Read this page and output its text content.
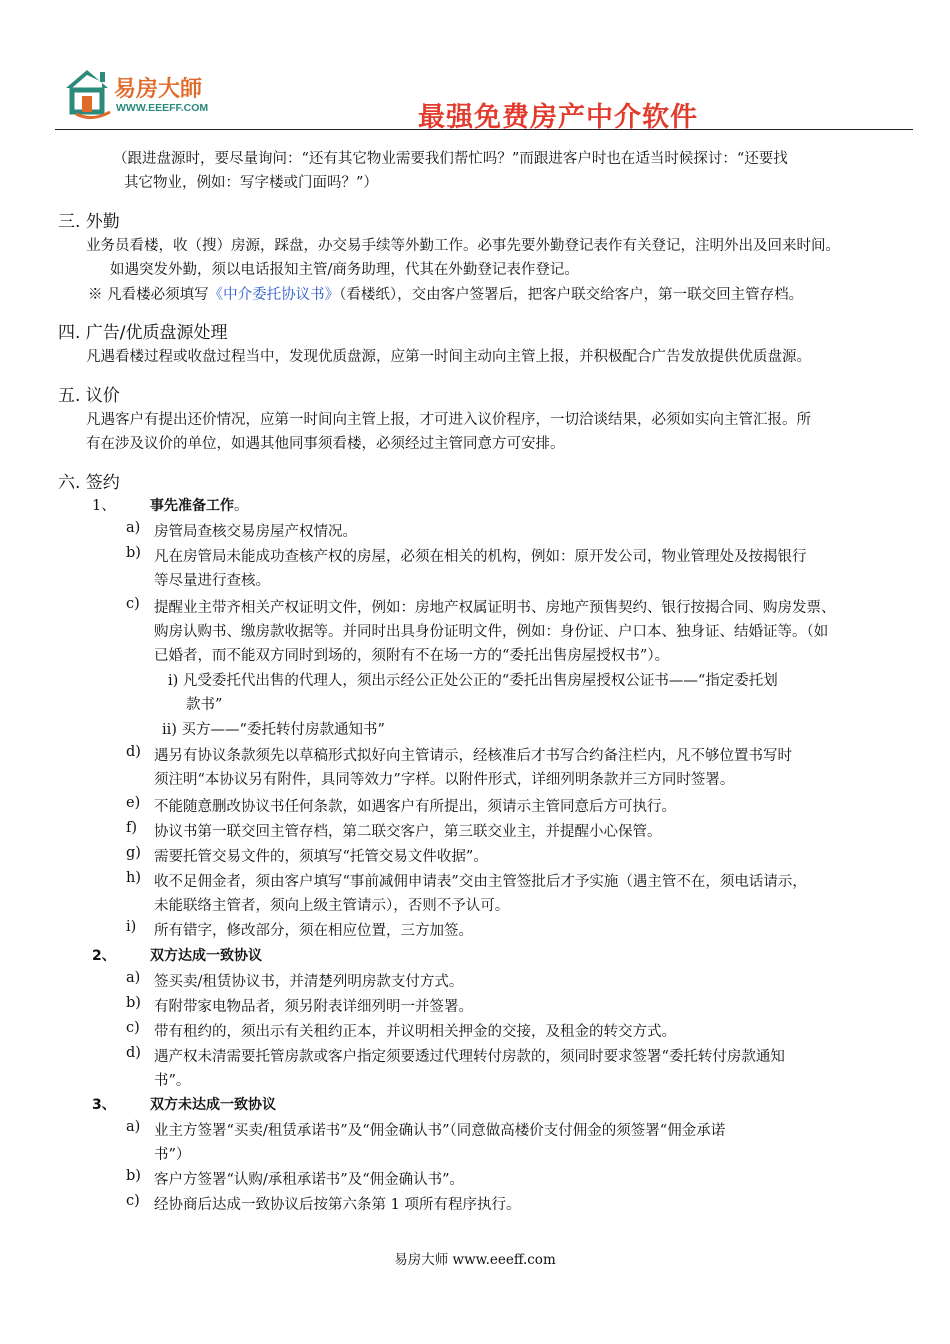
易房大師
WWW.EEEFF.COM	最强免费房产中介软件
（跟进盘源时，要尽量询问：“还有其它物业需要我们帮忙吗？”而跟进客户时也在适当时候探讨：“还要找
其它物业，例如：写字楼或门面吗？”）
三. 外勤
业务员看楼，收（搜）房源，踩盘，办交易手续等外勤工作。必事先要外勤登记表作有关登记，注明外出及回来时间。
如遇突发外勤，须以电话报知主管/商务助理，代其在外勤登记表作登记。
※ 凡看楼必须填写《中介委托协议书》（看楼纸），交由客户签署后，把客户联交给客户，第一联交回主管存档。
四. 广告/优质盘源处理
凡遇看楼过程或收盘过程当中，发现优质盘源，应第一时间主动向主管上报，并积极配合广告发放提供优质盘源。
五. 议价
凡遇客户有提出还价情况，应第一时间向主管上报，才可进入议价程序，一切洽谈结果，必须如实向主管汇报。所
有在涉及议价的单位，如遇其他同事须看楼，必须经过主管同意方可安排。
六. 签约
1、 事先准备工作。
a) 房管局查核交易房屋产权情况。
b) 凡在房管局未能成功查核产权的房屋，必须在相关的机构，例如：原开发公司，物业管理处及按揭银行
等尽量进行查核。
c) 提醒业主带齐相关产权证明文件，例如：房地产权属证明书、房地产预售契约、银行按揭合同、购房发票、
购房认购书、缴房款收据等。并同时出具身份证明文件，例如：身份证、户口本、独身证、结婚证等。（如
已婚者，而不能双方同时到场的，须附有不在场一方的“委托出售房屋授权书”）。
i) 凡受委托代出售的代理人，须出示经公正处公正的“委托出售房屋授权公证书——“指定委托划
款书”
ii) 买方——“委托转付房款通知书”
d) 遇另有协议条款须先以草稿形式拟好向主管请示，经核准后才书写合约备注栏内，凡不够位置书写时
须注明“本协议另有附件，具同等效力”字样。以附件形式，详细列明条款并三方同时签署。
e) 不能随意删改协议书任何条款，如遇客户有所提出，须请示主管同意后方可执行。
f) 协议书第一联交回主管存档，第二联交客户，第三联交业主，并提醒小心保管。
g) 需要托管交易文件的，须填写“托管交易文件收据”。
h) 收不足佣金者，须由客户填写“事前减佣申请表”交由主管签批后才予实施（遇主管不在，须电话请示，
未能联络主管者，须向上级主管请示），否则不予认可。
i) 所有错字，修改部分，须在相应位置，三方加签。
2、 双方达成一致协议
a) 签买卖/租赁协议书，并清楚列明房款支付方式。
b) 有附带家电物品者，须另附表详细列明一并签署。
c) 带有租约的，须出示有关租约正本，并议明相关押金的交接，及租金的转交方式。
d) 遇产权未清需要托管房款或客户指定须要透过代理转付房款的，须同时要求签署“委托转付房款通知
书”。
3、 双方未达成一致协议
a) 业主方签署“买卖/租赁承诺书”及“佣金确认书”（同意做高楼价支付佣金的须签署“佣金承诺
书”）
b) 客户方签署“认购/承租承诺书”及“佣金确认书”。
c) 经协商后达成一致协议后按第六条第 1 项所有程序执行。
易房大师 www.eeeff.com
